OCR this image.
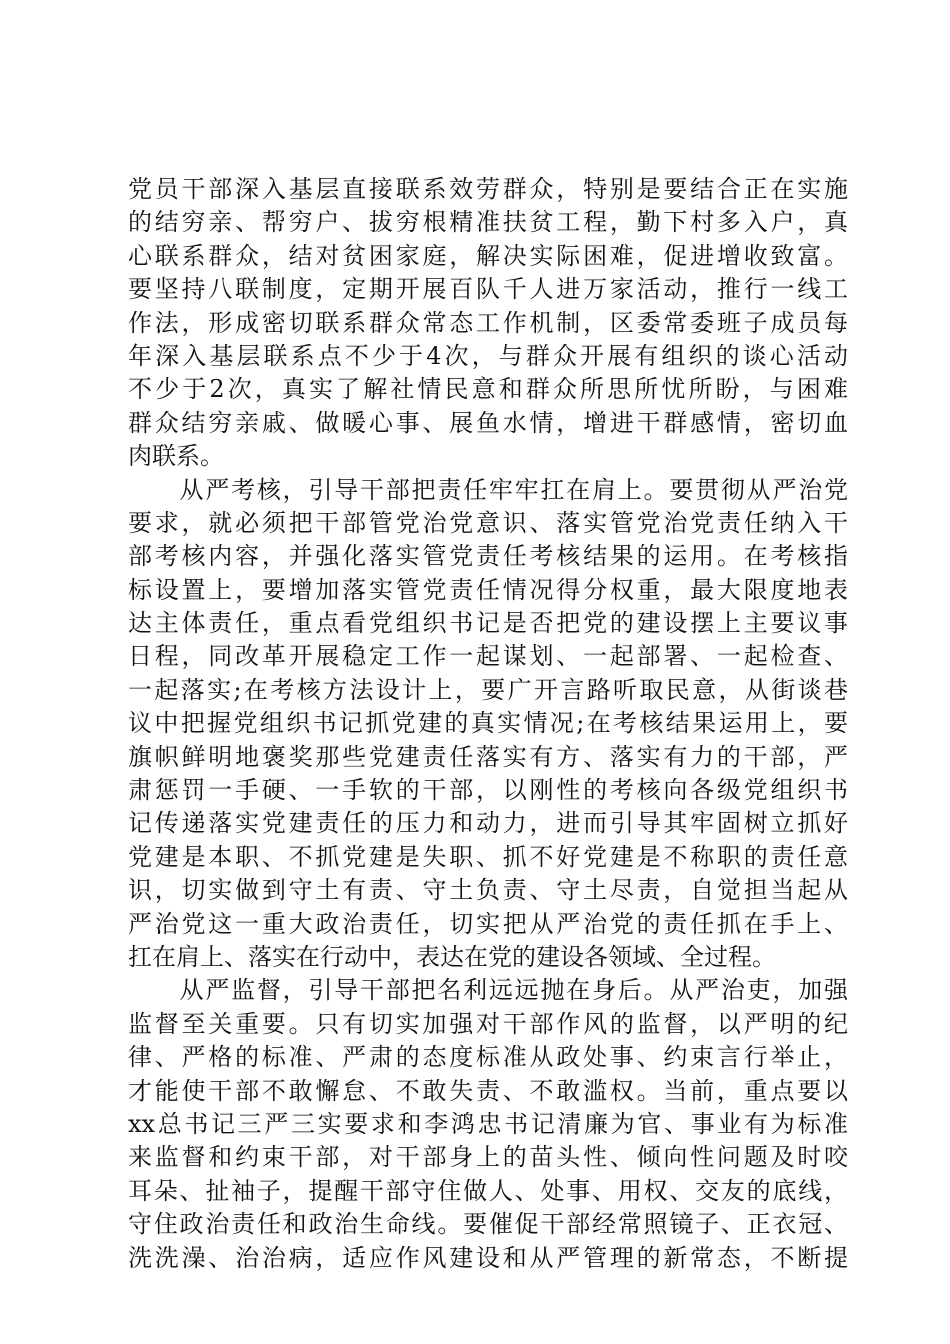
党员干部深入基层直接联系效劳群众，特别是要结合正在实施
的结穷亲、帮穷户、拔穷根精准扶贫工程，勤下村多入户，真
心联系群众，结对贫困家庭，解决实际困难，促进增收致富。
要坚持八联制度，定期开展百队千人进万家活动，推行一线工
作法，形成密切联系群众常态工作机制，区委常委班子成员每
年深入基层联系点不少于4次，与群众开展有组织的谈心活动
不少于2次，真实了解社情民意和群众所思所忧所盼，与困难
群众结穷亲戚、做暖心事、展鱼水情，增进干群感情，密切血
肉联系。
　　从严考核，引导干部把责任牢牢扛在肩上。要贯彻从严治党
要求，就必须把干部管党治党意识、落实管党治党责任纳入干
部考核内容，并强化落实管党责任考核结果的运用。在考核指
标设置上，要增加落实管党责任情况得分权重，最大限度地表
达主体责任，重点看党组织书记是否把党的建设摆上主要议事
日程，同改革开展稳定工作一起谋划、一起部署、一起检查、
一起落实;在考核方法设计上，要广开言路听取民意，从街谈巷
议中把握党组织书记抓党建的真实情况;在考核结果运用上，要
旗帜鲜明地褒奖那些党建责任落实有方、落实有力的干部，严
肃惩罚一手硬、一手软的干部，以刚性的考核向各级党组织书
记传递落实党建责任的压力和动力，进而引导其牢固树立抓好
党建是本职、不抓党建是失职、抓不好党建是不称职的责任意
识，切实做到守土有责、守土负责、守土尽责，自觉担当起从
严治党这一重大政治责任，切实把从严治党的责任抓在手上、
扛在肩上、落实在行动中，表达在党的建设各领域、全过程。
　　从严监督，引导干部把名利远远抛在身后。从严治吏，加强
监督至关重要。只有切实加强对干部作风的监督，以严明的纪
律、严格的标准、严肃的态度标准从政处事、约束言行举止，
才能使干部不敢懈怠、不敢失责、不敢滥权。当前，重点要以
xx总书记三严三实要求和李鸿忠书记清廉为官、事业有为标准
来监督和约束干部，对干部身上的苗头性、倾向性问题及时咬
耳朵、扯袖子，提醒干部守住做人、处事、用权、交友的底线，
守住政治责任和政治生命线。要催促干部经常照镜子、正衣冠、
洗洗澡、治治病，适应作风建设和从严管理的新常态，不断提
